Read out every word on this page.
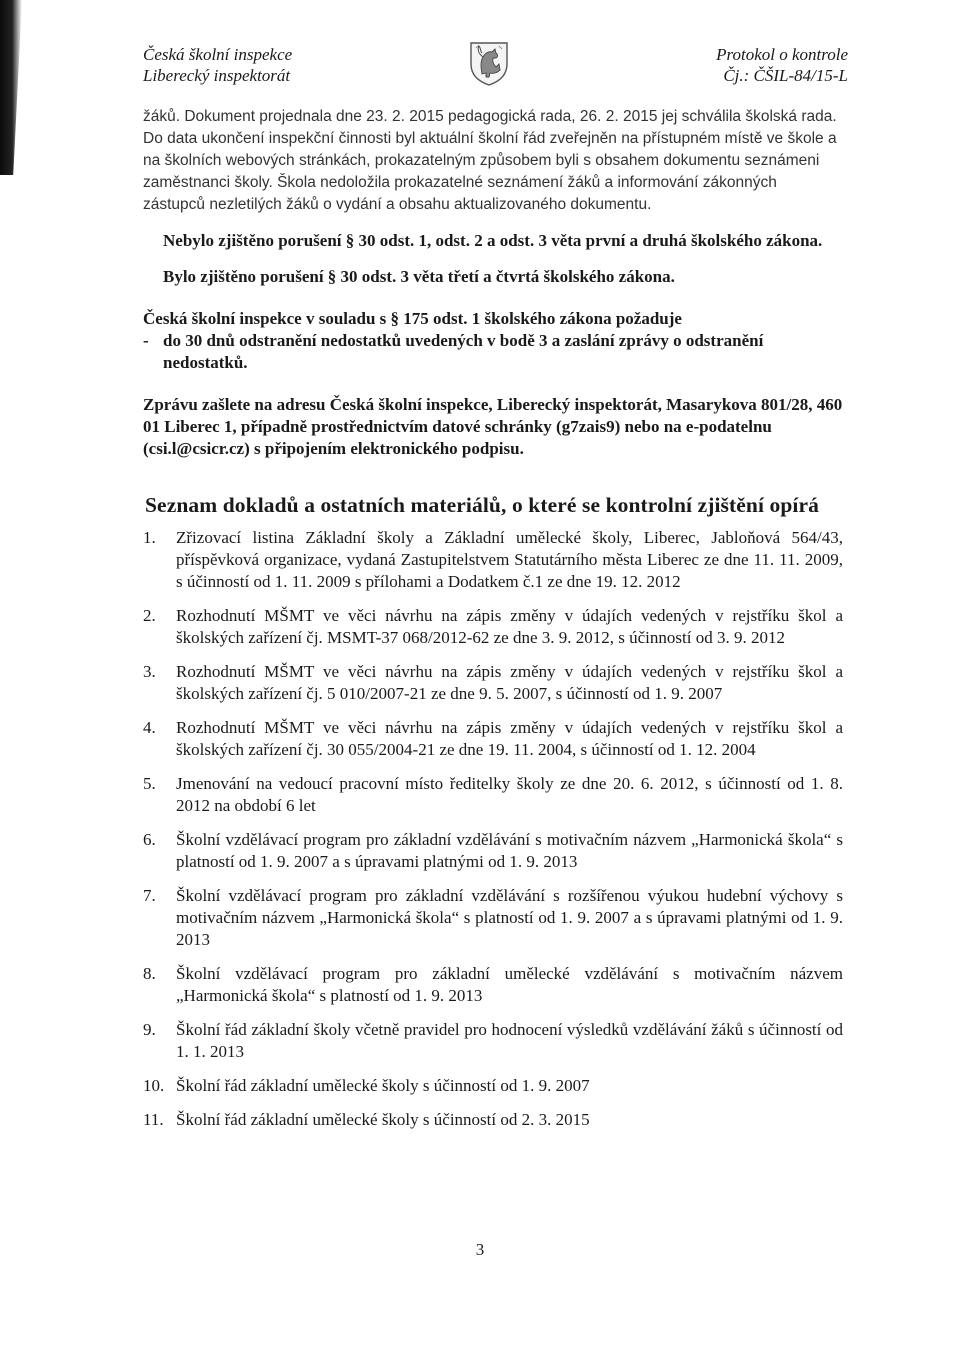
Česká školní inspekce
Liberecký inspektorát
Protokol o kontrole
Čj.: ČŠIL-84/15-L

žáků. Dokument projednala dne 23. 2. 2015 pedagogická rada, 26. 2. 2015 jej schválila školská rada.

Do data ukončení inspekční činnosti byl aktuální školní řád zveřejněn na přístupném místě ve škole a na školních webových stránkách, prokazatelným způsobem byli s obsahem dokumentu seznámeni zaměstnanci školy. Škola nedoložila prokazatelné seznámení žáků a informování zákonných zástupců nezletilých žáků o vydání a obsahu aktualizovaného dokumentu.

Nebylo zjištěno porušení § 30 odst. 1, odst. 2 a odst. 3 věta první a druhá školského zákona.

Bylo zjištěno porušení § 30 odst. 3 věta třetí a čtvrtá školského zákona.

Česká školní inspekce v souladu s § 175 odst. 1 školského zákona požaduje

- do 30 dnů odstranění nedostatků uvedených v bodě 3 a zaslání zprávy o odstranění nedostatků.

Zprávu zašlete na adresu Česká školní inspekce, Liberecký inspektorát, Masarykova 801/28, 460 01 Liberec 1, případně prostřednictvím datové schránky (g7zais9) nebo na e-podatelnu (csi.l@csicr.cz) s připojením elektronického podpisu.

Seznam dokladů a ostatních materiálů, o které se kontrolní zjištění opírá
1.	Zřizovací listina Základní školy a Základní umělecké školy, Liberec, Jabloňová 564/43, příspěvková organizace, vydaná Zastupitelstvem Statutárního města Liberec ze dne 11. 11. 2009, s účinností od 1. 11. 2009 s přílohami a Dodatkem č.1 ze dne 19. 12. 2012
2.	Rozhodnutí MŠMT ve věci návrhu na zápis změny v údajích vedených v rejstříku škol a školských zařízení čj. MSMT-37 068/2012-62 ze dne 3. 9. 2012, s účinností od 3. 9. 2012
3.	Rozhodnutí MŠMT ve věci návrhu na zápis změny v údajích vedených v rejstříku škol a školských zařízení čj. 5 010/2007-21 ze dne 9. 5. 2007, s účinností od 1. 9. 2007
4.	Rozhodnutí MŠMT ve věci návrhu na zápis změny v údajích vedených v rejstříku škol a školských zařízení čj. 30 055/2004-21 ze dne 19. 11. 2004, s účinností od 1. 12. 2004
5.	Jmenování na vedoucí pracovní místo ředitelky školy ze dne 20. 6. 2012, s účinností od 1. 8. 2012 na období 6 let
6.	Školní vzdělávací program pro základní vzdělávání s motivačním názvem „Harmonická škola“ s platností od 1. 9. 2007 a s úpravami platnými od 1. 9. 2013
7.	Školní vzdělávací program pro základní vzdělávání s rozšířenou výukou hudební výchovy s motivačním názvem „Harmonická škola“ s platností od 1. 9. 2007 a s úpravami platnými od 1. 9. 2013
8.	Školní vzdělávací program pro základní umělecké vzdělávání s motivačním názvem „Harmonická škola“ s platností od 1. 9. 2013
9.	Školní řád základní školy včetně pravidel pro hodnocení výsledků vzdělávání žáků s účinností od 1. 1. 2013
10. Školní řád základní umělecké školy s účinností od 1. 9. 2007
11. Školní řád základní umělecké školy s účinností od 2. 3. 2015
3
